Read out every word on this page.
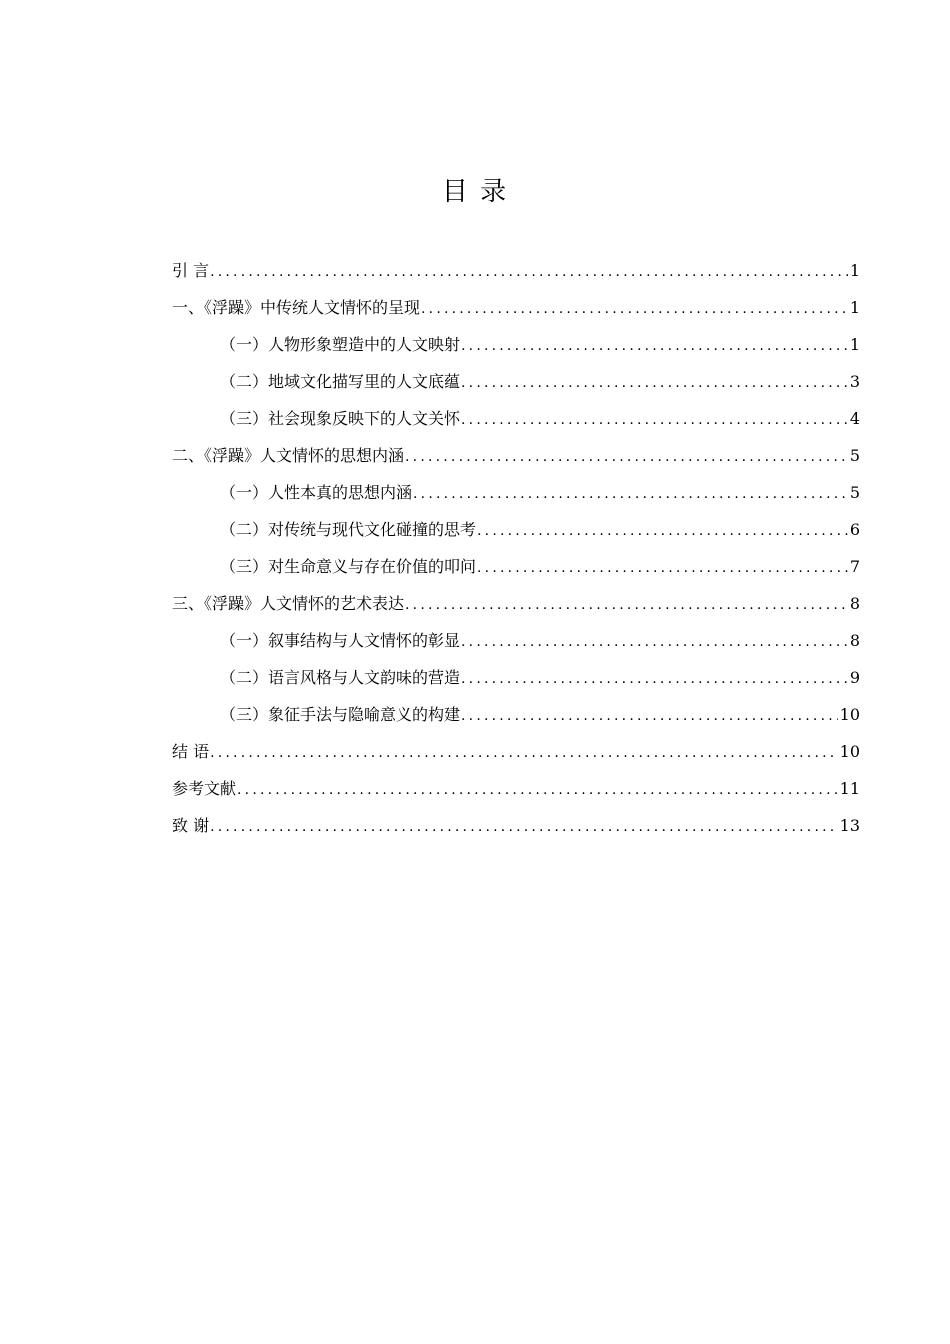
目 录
引 言 .....	1
一、《浮躁》中传统人文情怀的呈现 .....	1
（一）人物形象塑造中的人文映射 .....	1
（二）地域文化描写里的人文底蕴 .....	3
（三）社会现象反映下的人文关怀 .....	4
二、《浮躁》人文情怀的思想内涵 .....	5
（一）人性本真的思想内涵 .....	5
（二）对传统与现代文化碰撞的思考 .....	6
（三）对生命意义与存在价值的叩问 .....	7
三、《浮躁》人文情怀的艺术表达 .....	8
（一）叙事结构与人文情怀的彰显 .....	8
（二）语言风格与人文韵味的营造 .....	9
（三）象征手法与隐喻意义的构建 .....	10
结 语 .....	10
参考文献 .....	11
致 谢 .....	13
